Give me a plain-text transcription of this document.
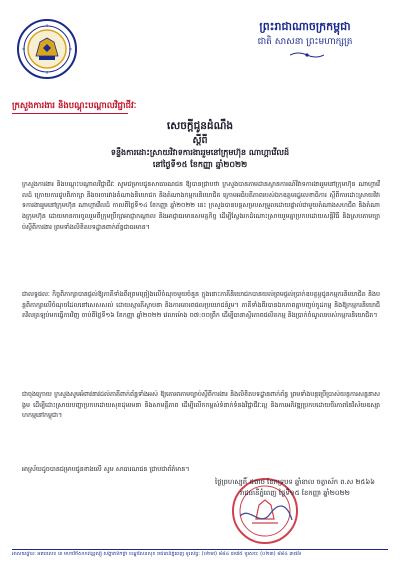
ព្រះរាជាណាចក្រកម្ពុជា
ជាតិ សាសនា ព្រះមហាក្សត្រ
ក្រសួងការងារ និងបណ្តុះបណ្តាលវិជ្ជាជីវៈ
សេចក្តីជូនដំណឹង
ស្តីពី
ទន្ទឹងការដោះស្រាយវិវាទការងាររួមនៅក្រុមហ៊ុន ណាហ្គាវើលដ៍
នៅថ្ងៃទី១៥ ខែកញ្ញា ឆ្នាំ២០២២
ក្រសួងការងារ និងបណ្តុះបណ្តាលវិជ្ជាជីវៈ សូមជម្រាបជូនសាធារណជន ឱ្យបានជ្រាបថា ក្រសួងបានតាមដានស្ថានការណ៍វិវាទការងាររួមនៅក្រុមហ៊ុន ណាហ្គាវើលដ៍ ក្រោយការជួបពិភាក្សា និងចរចារវាងតំណាងនិយោជក និងតំណាងកម្មករនិយោជិត ក្រោមអធិបតីភាពរបស់ឯកឧត្តមរដ្ឋលេខាធិការ ស្តីពីការដោះស្រាយវិវាទការងាររួមនៅក្រុមហ៊ុន ណាហ្គាវើលដ៍ កាលពីថ្ងៃទី១៤ ខែកញ្ញា ឆ្នាំ២០២២ នេះ ក្រសួងបានបន្តសម្របសម្រួលដោយផ្ទាល់ជាមួយតំណាងសហជីព និងតំណាងក្រុមហ៊ុន ដោយមានការចូលរួមពីក្រុមប្រឹក្សាអាជ្ញាកណ្តាល និងអាជ្ញាធរមានសមត្ថកិច្ច ដើម្បីស្វែងរកដំណោះស្រាយរួមគ្នាប្រកបដោយសន្តិវិធី និងស្របតាមច្បាប់ស្តីពីការងារ ព្រមទាំងលិខិតបទដ្ឋានពាក់ព័ន្ធជាធរមាន។
ជាលទ្ធផលៈ កិច្ចពិភាក្សាបានផ្តល់ឱ្យភាគីទាំងពីរព្រមព្រៀងលើចំណុចមួយចំនួន ក្នុងនោះភាគីនិយោជកបានយល់ព្រមផ្តល់ប្រាក់ឧបត្ថម្ភជូនកម្មករនិយោជិត និងបន្តពិភាក្សាលើចំណុចដែលនៅសេសសល់ ដោយស្មារតីស្ថាបនា និងការគោរពផលប្រយោជន៍រួម។ ភាគីទាំងពីរបានឯកភាពគ្នាបញ្ចប់កូដកម្ម និងឱ្យកម្មករនិយោជិតវិលត្រឡប់មកធ្វើការវិញ ចាប់ពីថ្ងៃទី១៦ ខែកញ្ញា ឆ្នាំ២០២២ វេលាម៉ោង ០៧:០០ព្រឹក ដើម្បីធានាស្ថិរភាពផលិតកម្ម និងប្រាក់ចំណូលរបស់កម្មករនិយោជិត។
ជាចុងក្រោយ ក្រសួងសូមអំពាវនាវដល់ភាគីពាក់ព័ន្ធទាំងអស់ ឱ្យគោរពតាមច្បាប់ស្តីពីការងារ និងលិខិតបទដ្ឋានពាក់ព័ន្ធ ព្រមទាំងបន្តប្រើប្រាស់យន្តការសន្ទនាសង្គម ដើម្បីដោះស្រាយបញ្ហាប្រកបដោយសុខដុមរមនា និងសាមគ្គីភាព ដើម្បីលើកកម្ពស់ទំនាក់ទំនងវិជ្ជាជីវៈល្អ និងការអភិវឌ្ឍប្រកបដោយចីរភាពនៃវិស័យឧស្សាហកម្មនៅកម្ពុជា។
អាស្រ័យដូចបានជម្រាបជូនខាងលើ សូម សាធារណជន ជ្រាបជាព័ត៌មាន។
ថ្ងៃព្រហស្បតិ៍ ៥រោច ខែភទ្របទ ឆ្នាំខាល ចត្វាស័ក ព.ស ២៥៦៦
រាជធានីភ្នំពេញ ថ្ងៃទី១៥ ខែកញ្ញា ឆ្នាំ២០២២
អាសយដ្ឋានៈ អគារលេខ ៣ មហាវិថីសហព័ន្ធរុស្ស៊ី សង្កាត់ទឹកថ្លា ខណ្ឌសែនសុខ រាជធានីភ្នំពេញ ទូរស័ព្ទៈ (០២៣) ៨៨៤ ៣៧៥ ទូរសារៈ (០២៣) ៨៨៤ ៣៧៦
